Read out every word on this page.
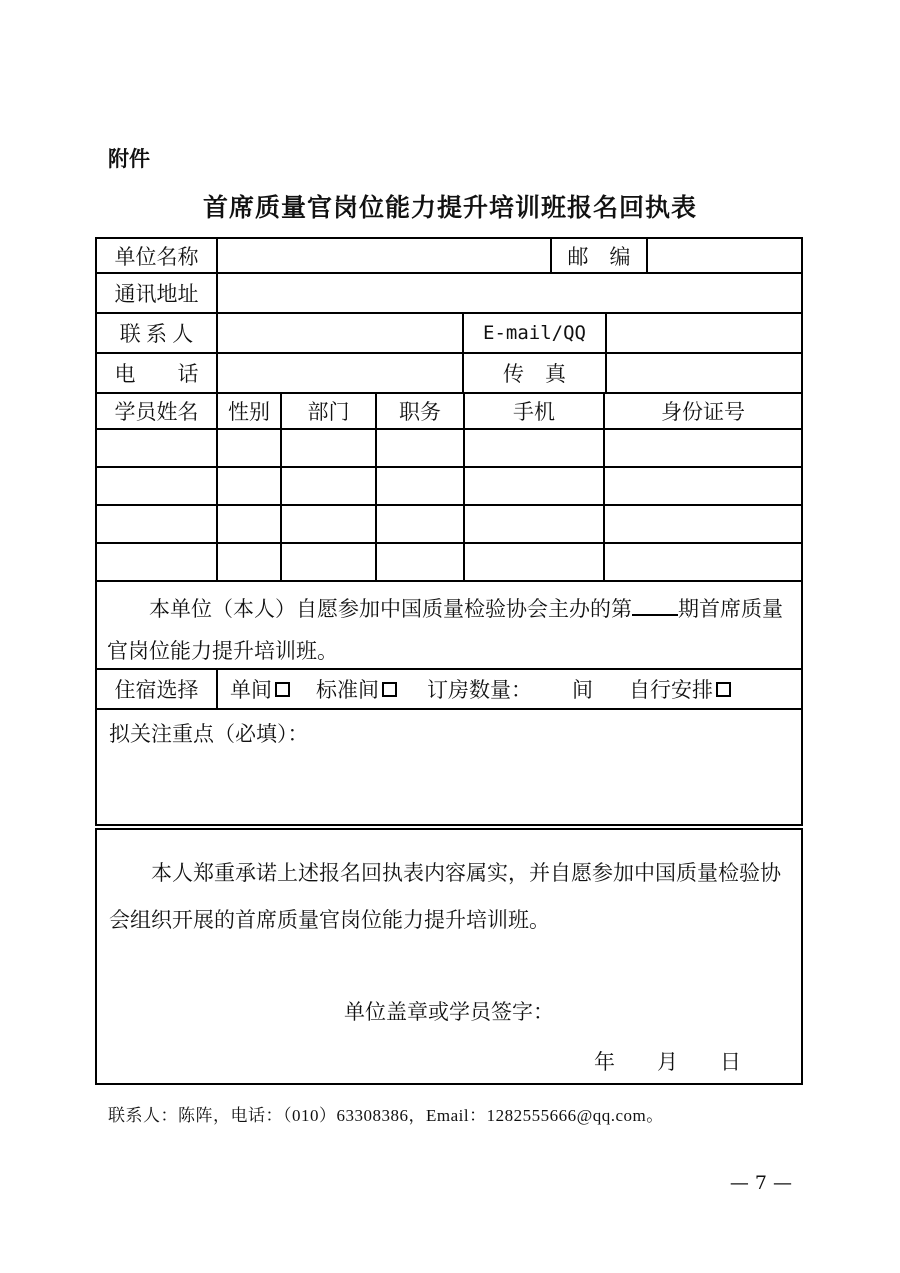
附件
首席质量官岗位能力提升培训班报名回执表
单位名称	邮　编
通讯地址
联 系 人	E-mail/QQ
电　　话	传　真
学员姓名	性别	部门	职务	手机	身份证号
本单位（本人）自愿参加中国质量检验协会主办的第 期首席质量官岗位能力提升培训班。
住宿选择	单间 标准间 订房数量： 间 自行安排
拟关注重点（必填）：
本人郑重承诺上述报名回执表内容属实，并自愿参加中国质量检验协会组织开展的首席质量官岗位能力提升培训班。
单位盖章或学员签字：
年　　月　　日
联系人：陈阵，电话：（010）63308386，Email：1282555666@qq.com。
— 7 —
